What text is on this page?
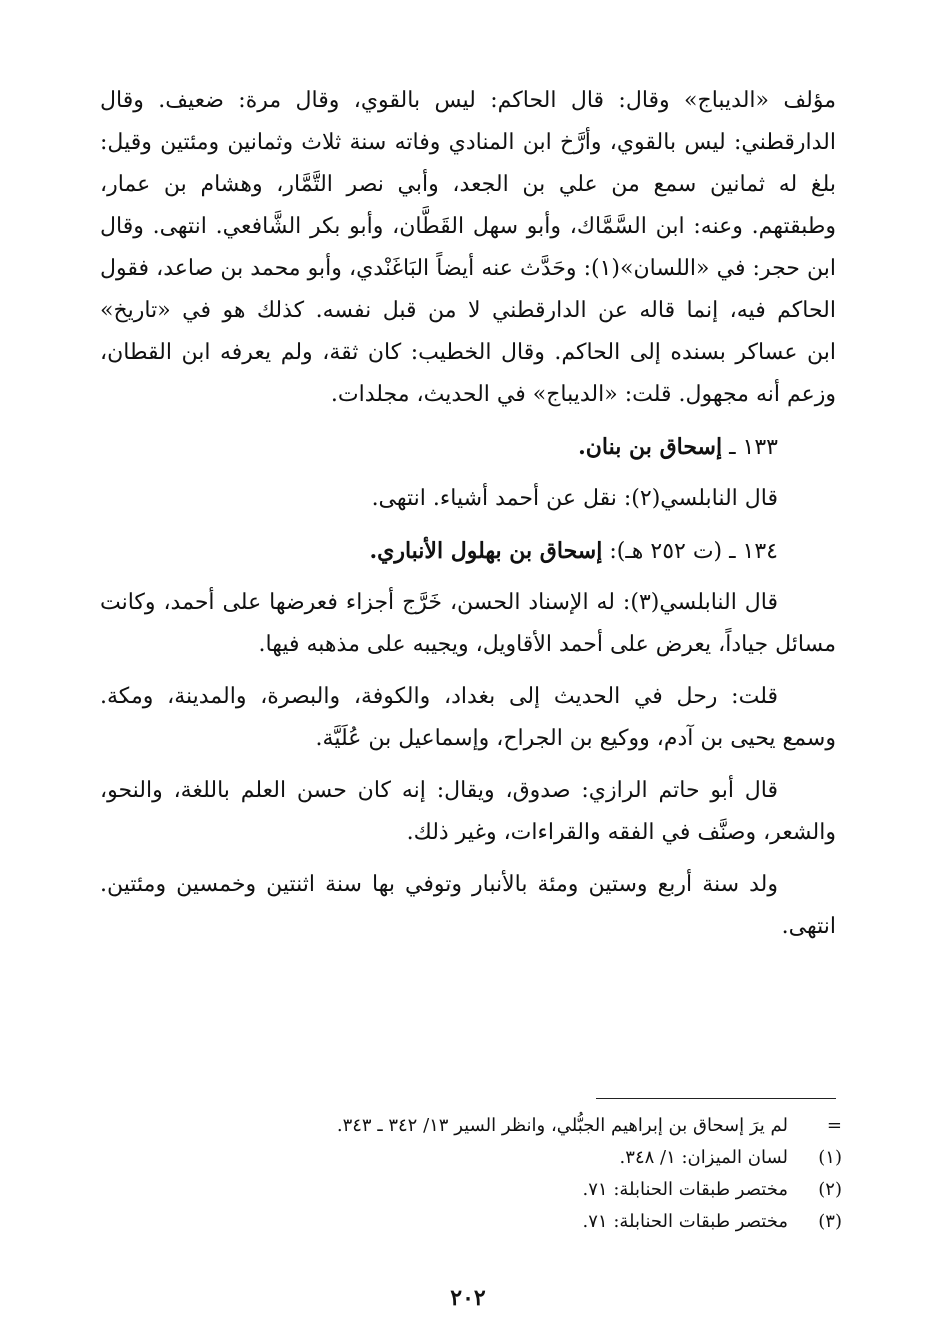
مؤلف «الديباج» وقال: قال الحاكم: ليس بالقوي، وقال مرة: ضعيف. وقال
الدارقطني: ليس بالقوي، وأرَّخ ابن المنادي وفاته سنة ثلاث وثمانين ومئتين وقيل:
بلغ له ثمانين سمع من علي بن الجعد، وأبي نصر التَّمَّار، وهشام بن عمار،
وطبقتهم. وعنه: ابن السَّمَّاك، وأبو سهل القَطَّان، وأبو بكر الشَّافعي. انتهى. وقال
ابن حجر: في «اللسان»(١): وحَدَّث عنه أيضاً البَاغَنْدي، وأبو محمد بن صاعد، فقول
الحاكم فيه، إنما قاله عن الدارقطني لا من قبل نفسه. كذلك هو في «تاريخ»
ابن عساكر بسنده إلى الحاكم. وقال الخطيب: كان ثقة، ولم يعرفه ابن القطان،
وزعم أنه مجهول. قلت: «الديباج» في الحديث، مجلدات.
١٣٣ ـ إسحاق بن بنان.
قال النابلسي(٢): نقل عن أحمد أشياء. انتهى.
١٣٤ ـ (ت ٢٥٢ هـ): إسحاق بن بهلول الأنباري.
قال النابلسي(٣): له الإسناد الحسن، خَرَّج أجزاء فعرضها على أحمد، وكانت
مسائل جياداً، يعرض على أحمد الأقاويل، ويجيبه على مذهبه فيها.
قلت: رحل في الحديث إلى بغداد، والكوفة، والبصرة، والمدينة، ومكة.
وسمع يحيى بن آدم، ووكيع بن الجراح، وإسماعيل بن عُلَيَّة.
قال أبو حاتم الرازي: صدوق، ويقال: إنه كان حسن العلم باللغة، والنحو،
والشعر، وصنَّف في الفقه والقراءات، وغير ذلك.
ولد سنة أربع وستين ومئة بالأنبار وتوفي بها سنة اثنتين وخمسين ومئتين.
انتهى.
=
لم يرَ إسحاق بن إبراهيم الجبُّلي، وانظر السير ١٣/ ٣٤٢ ـ ٣٤٣.
(١)
لسان الميزان: ١/ ٣٤٨.
(٢)
مختصر طبقات الحنابلة: ٧١.
(٣)
مختصر طبقات الحنابلة: ٧١.
٢٠٢
